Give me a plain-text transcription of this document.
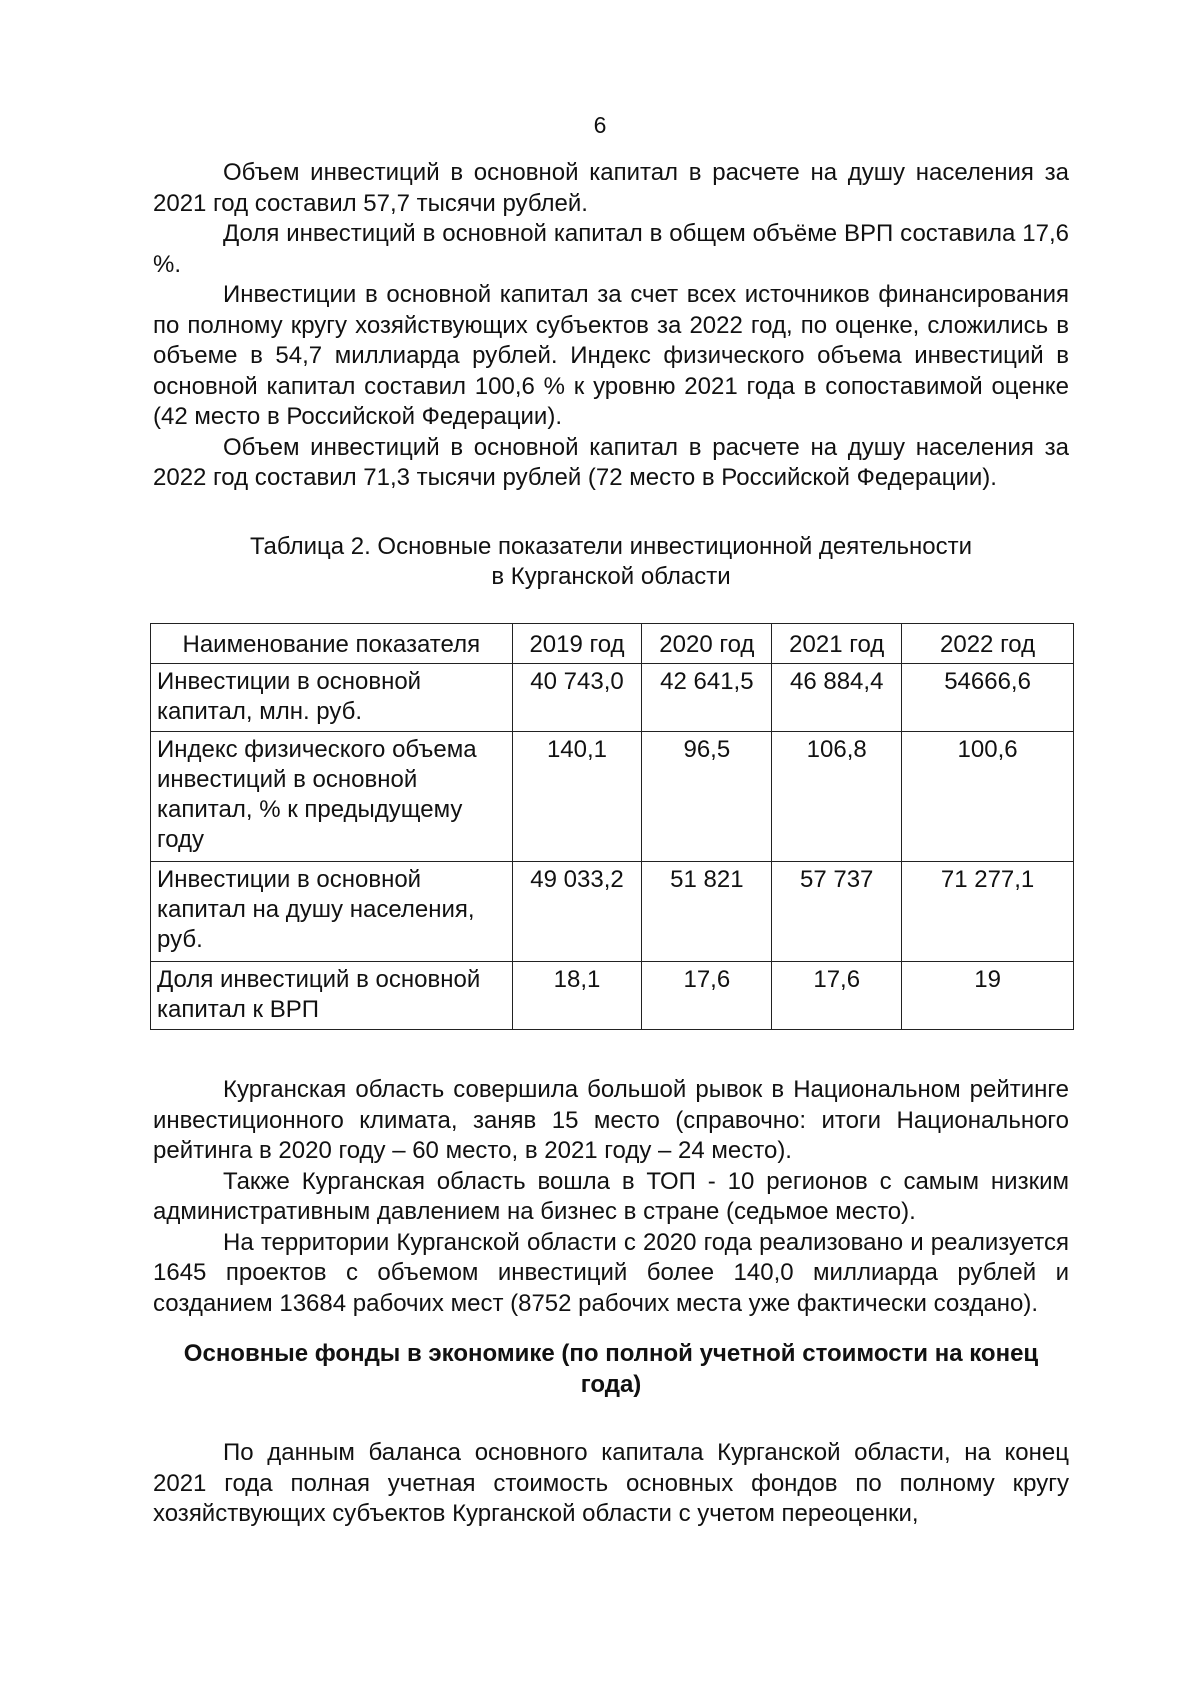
6

Объем инвестиций в основной капитал в расчете на душу населения за 2021 год составил 57,7 тысячи рублей.

Доля инвестиций в основной капитал в общем объёме ВРП составила 17,6 %.

Инвестиции в основной капитал за счет всех источников финансирования по полному кругу хозяйствующих субъектов за 2022 год, по оценке, сложились в объеме в 54,7 миллиарда рублей. Индекс физического объема инвестиций в основной капитал составил 100,6 % к уровню 2021 года в сопоставимой оценке (42 место в Российской Федерации).

Объем инвестиций в основной капитал в расчете на душу населения за 2022 год составил 71,3 тысячи рублей (72 место в Российской Федерации).

Таблица 2. Основные показатели инвестиционной деятельности
в Курганской области
Наименование показателя	2019 год	2020 год	2021 год	2022 год
Инвестиции в основной капитал, млн. руб.	40 743,0	42 641,5	46 884,4	54666,6
Индекс физического объема инвестиций в основной капитал, % к предыдущему году	140,1	96,5	106,8	100,6
Инвестиции в основной капитал на душу населения, руб.	49 033,2	51 821	57 737	71 277,1
Доля инвестиций в основной капитал к ВРП	18,1	17,6	17,6	19

Курганская область совершила большой рывок в Национальном рейтинге инвестиционного климата, заняв 15 место (справочно: итоги Национального рейтинга в 2020 году – 60 место, в 2021 году – 24 место).

Также Курганская область вошла в ТОП - 10 регионов с самым низким административным давлением на бизнес в стране (седьмое место).

На территории Курганской области с 2020 года реализовано и реализуется 1645 проектов с объемом инвестиций более 140,0 миллиарда рублей и созданием 13684 рабочих мест (8752 рабочих места уже фактически создано).

Основные фонды в экономике (по полной учетной стоимости на конец года)

По данным баланса основного капитала Курганской области, на конец 2021 года полная учетная стоимость основных фондов по полному кругу хозяйствующих субъектов Курганской области с учетом переоценки,
